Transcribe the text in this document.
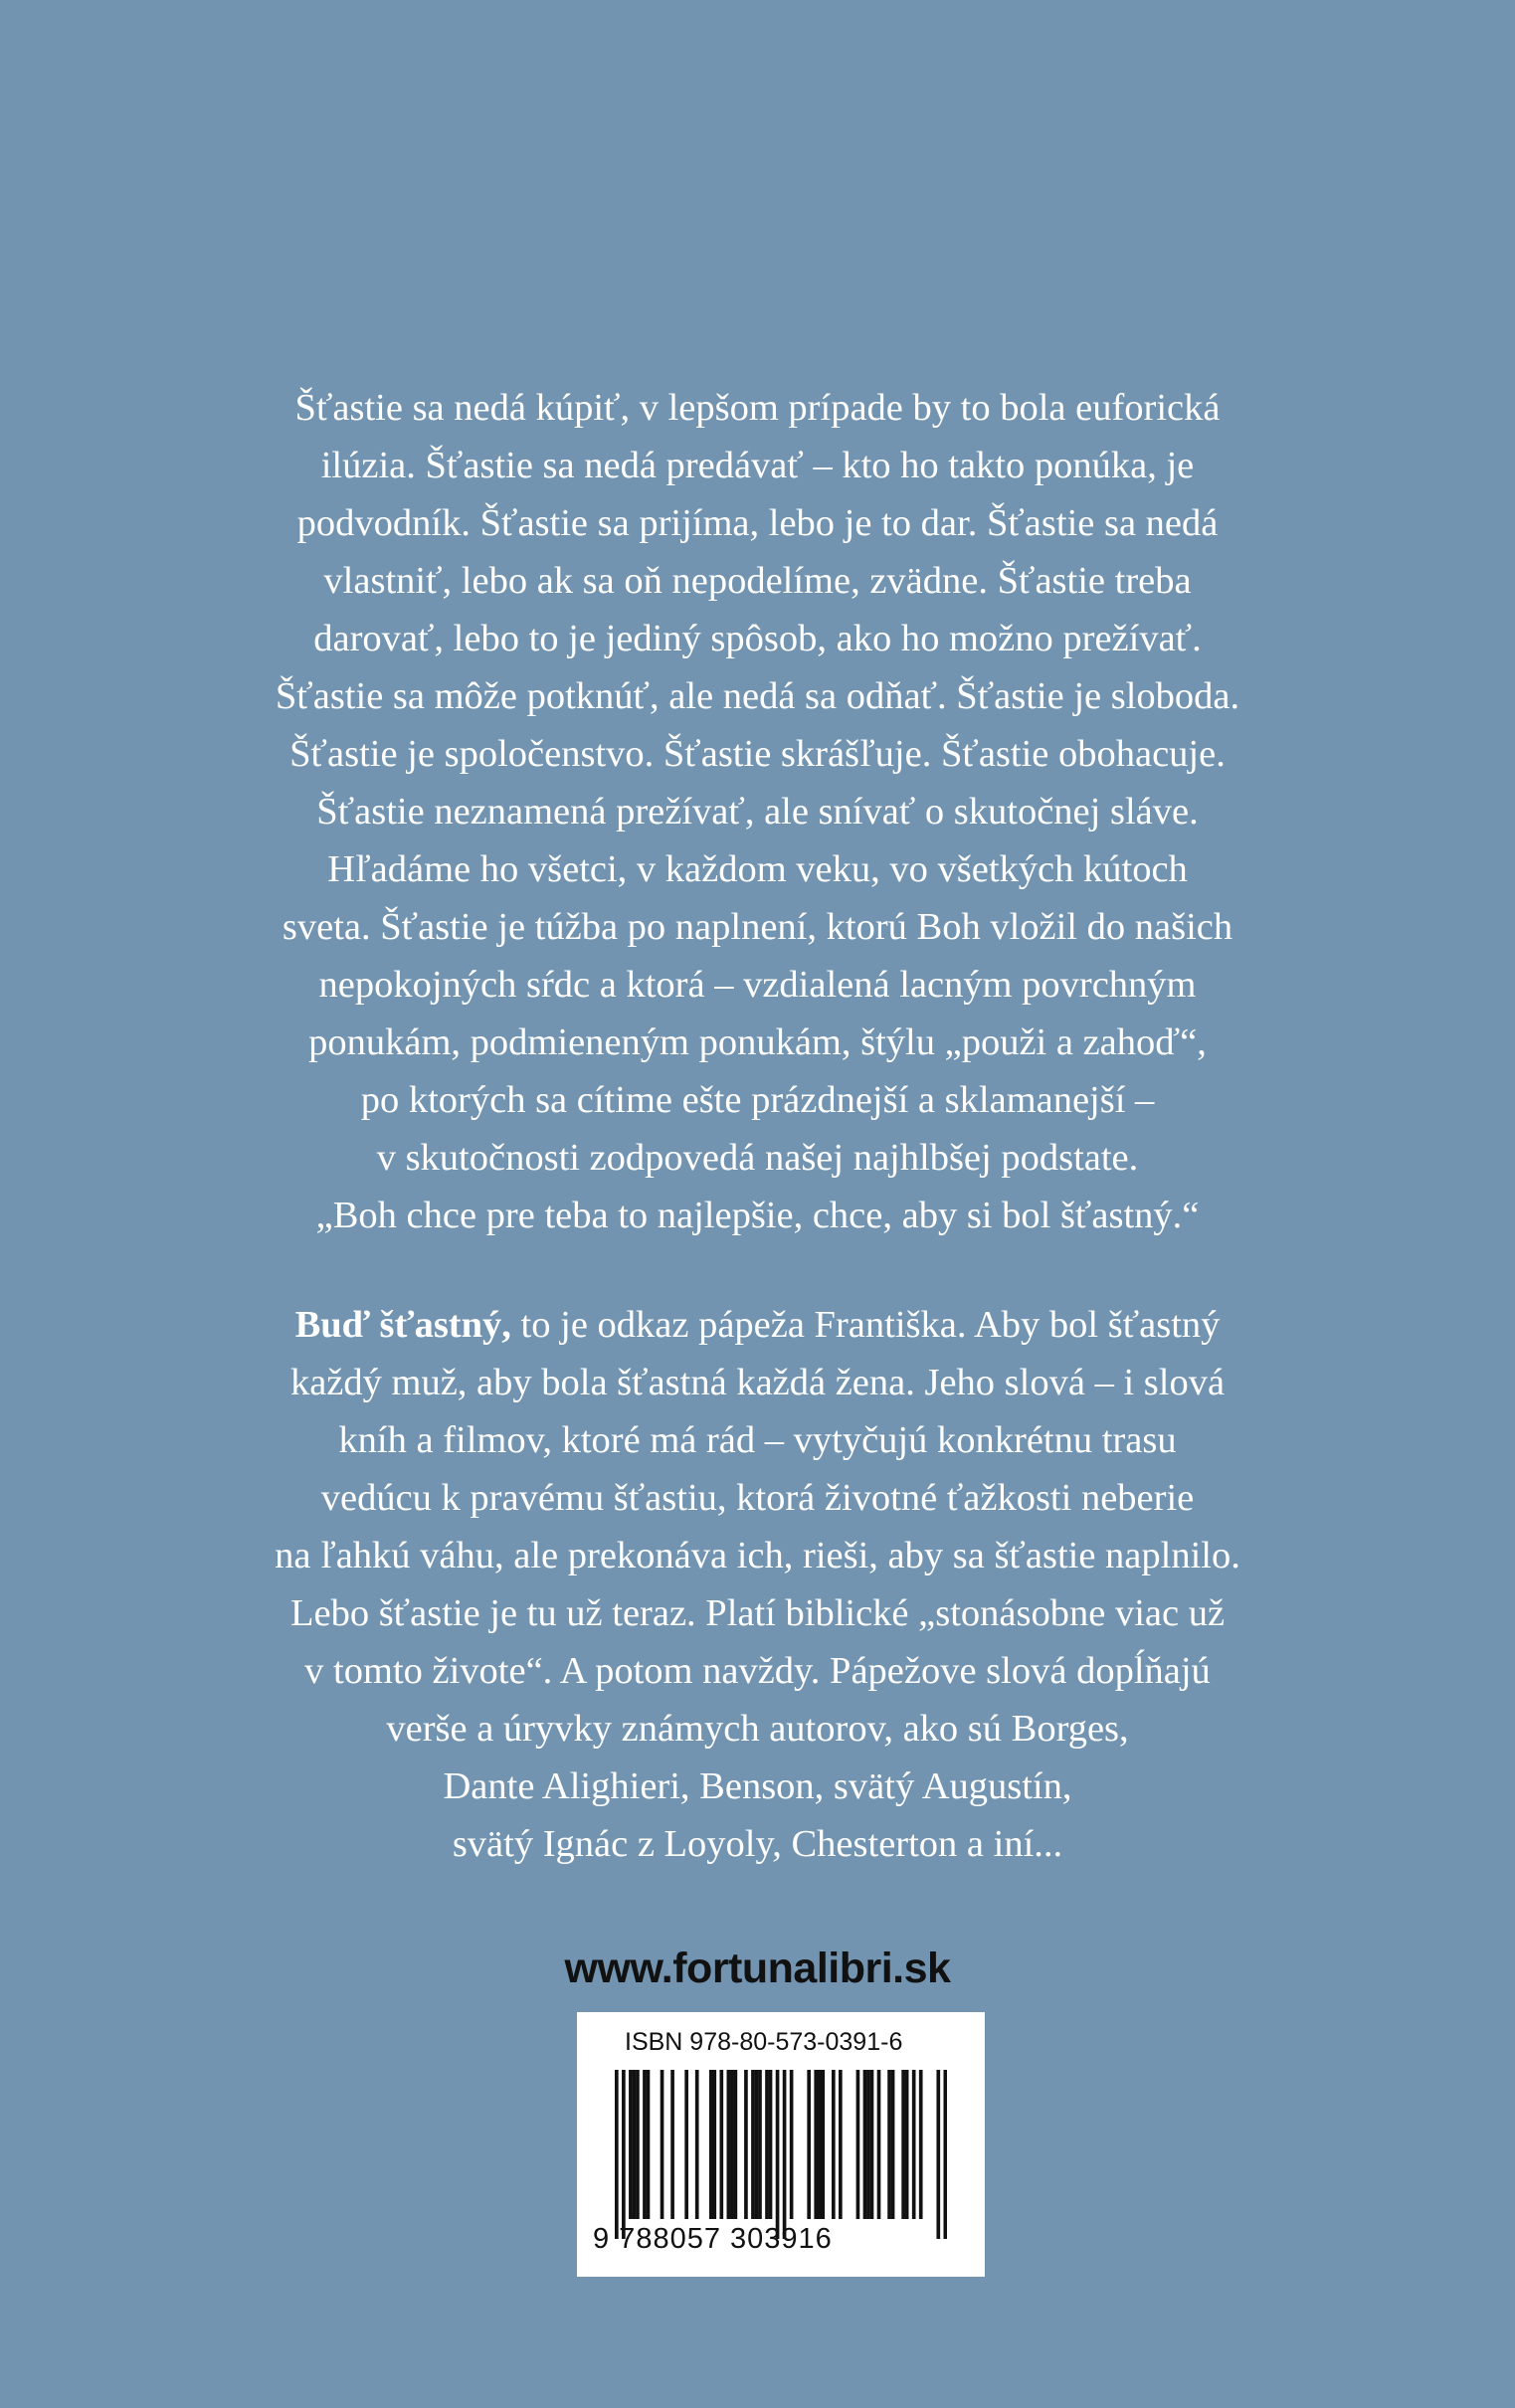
Šťastie sa nedá kúpiť, v lepšom prípade by to bola euforická
ilúzia. Šťastie sa nedá predávať – kto ho takto ponúka, je
podvodník. Šťastie sa prijíma, lebo je to dar. Šťastie sa nedá
vlastniť, lebo ak sa oň nepodelíme, zvädne. Šťastie treba
darovať, lebo to je jediný spôsob, ako ho možno prežívať.
Šťastie sa môže potknúť, ale nedá sa odňať. Šťastie je sloboda.
Šťastie je spoločenstvo. Šťastie skrášľuje. Šťastie obohacuje.
Šťastie neznamená prežívať, ale snívať o skutočnej sláve.
Hľadáme ho všetci, v každom veku, vo všetkých kútoch
sveta. Šťastie je túžba po naplnení, ktorú Boh vložil do našich
nepokojných sŕdc a ktorá – vzdialená lacným povrchným
ponukám, podmieneným ponukám, štýlu „použi a zahoď“,
po ktorých sa cítime ešte prázdnejší a sklamanejší –
v skutočnosti zodpovedá našej najhlbšej podstate.
„Boh chce pre teba to najlepšie, chce, aby si bol šťastný.“
Buď šťastný, to je odkaz pápeža Františka. Aby bol šťastný
každý muž, aby bola šťastná každá žena. Jeho slová – i slová
kníh a filmov, ktoré má rád – vytyčujú konkrétnu trasu
vedúcu k pravému šťastiu, ktorá životné ťažkosti neberie
na ľahkú váhu, ale prekonáva ich, rieši, aby sa šťastie naplnilo.
Lebo šťastie je tu už teraz. Platí biblické „stonásobne viac už
v tomto živote“. A potom navždy. Pápežove slová dopĺňajú
verše a úryvky známych autorov, ako sú Borges,
Dante Alighieri, Benson, svätý Augustín,
svätý Ignác z Loyoly, Chesterton a iní...
www.fortunalibri.sk
ISBN 978-80-573-0391-6
9 788057 303916
